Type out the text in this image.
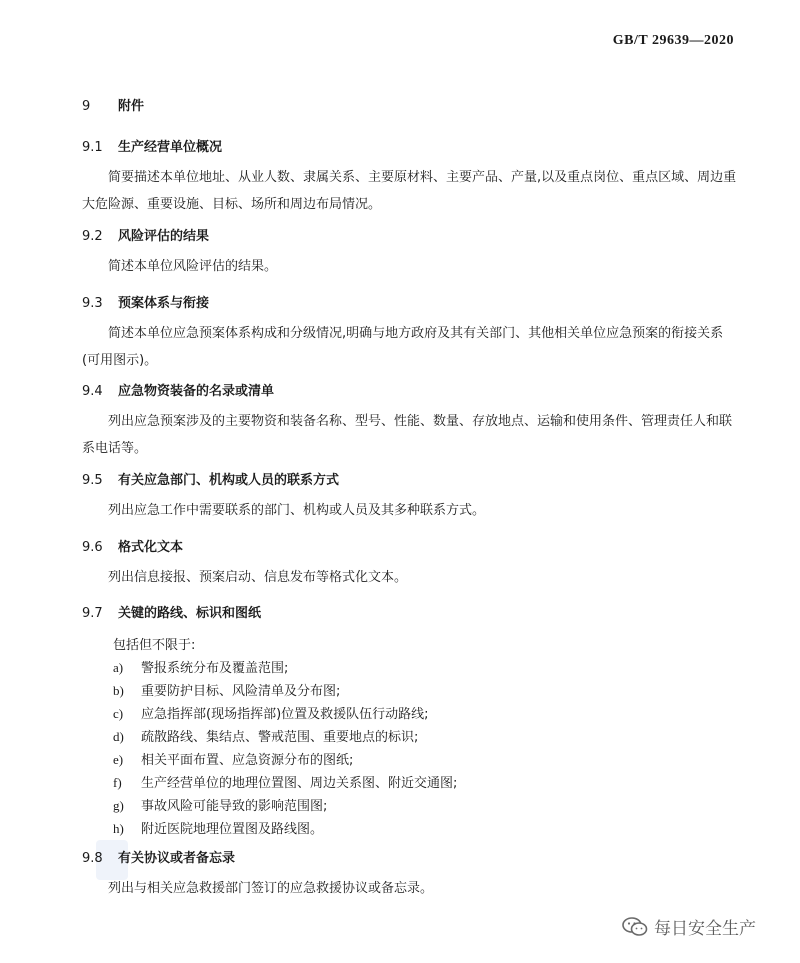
GB/T 29639—2020
9 附件
9.1 生产经营单位概况
简要描述本单位地址、从业人数、隶属关系、主要原材料、主要产品、产量,以及重点岗位、重点区域、周边重大危险源、重要设施、目标、场所和周边布局情况。
9.2 风险评估的结果
简述本单位风险评估的结果。
9.3 预案体系与衔接
简述本单位应急预案体系构成和分级情况,明确与地方政府及其有关部门、其他相关单位应急预案的衔接关系(可用图示)。
9.4 应急物资装备的名录或清单
列出应急预案涉及的主要物资和装备名称、型号、性能、数量、存放地点、运输和使用条件、管理责任人和联系电话等。
9.5 有关应急部门、机构或人员的联系方式
列出应急工作中需要联系的部门、机构或人员及其多种联系方式。
9.6 格式化文本
列出信息接报、预案启动、信息发布等格式化文本。
9.7 关键的路线、标识和图纸
包括但不限于:
a) 警报系统分布及覆盖范围;
b) 重要防护目标、风险清单及分布图;
c) 应急指挥部(现场指挥部)位置及救援队伍行动路线;
d) 疏散路线、集结点、警戒范围、重要地点的标识;
e) 相关平面布置、应急资源分布的图纸;
f) 生产经营单位的地理位置图、周边关系图、附近交通图;
g) 事故风险可能导致的影响范围图;
h) 附近医院地理位置图及路线图。
9.8 有关协议或者备忘录
列出与相关应急救援部门签订的应急救援协议或备忘录。
每日安全生产
